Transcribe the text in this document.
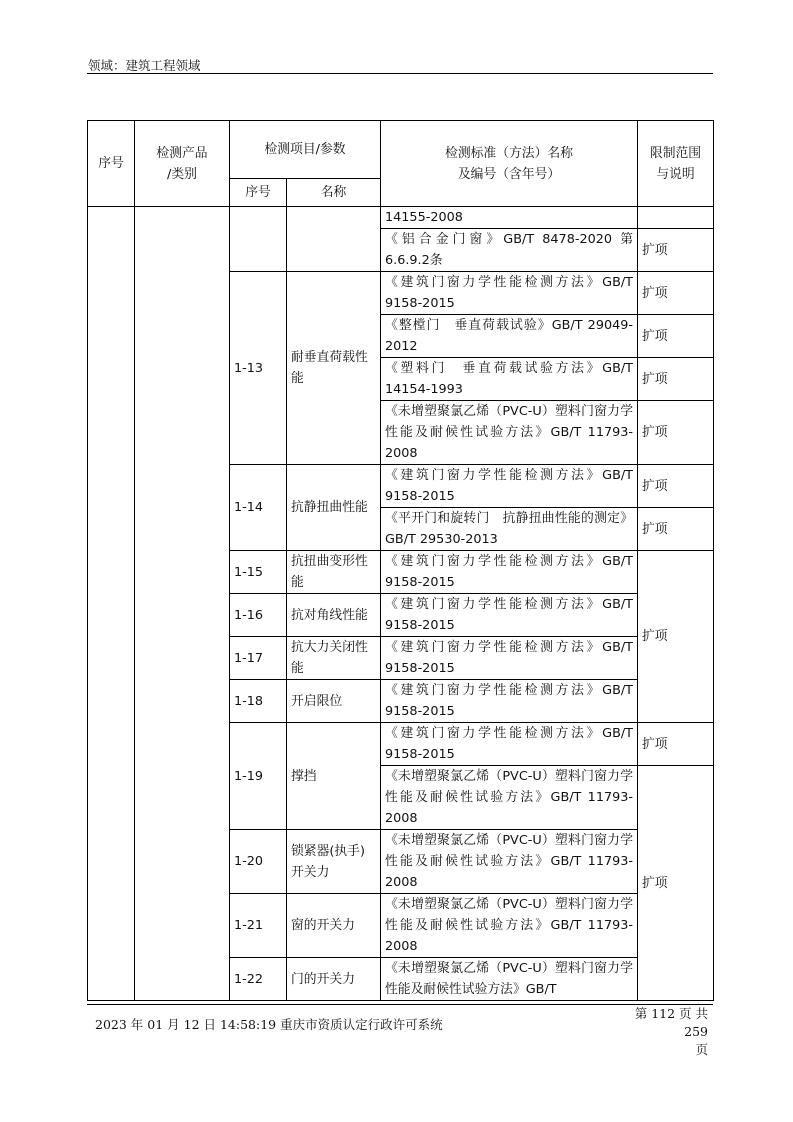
领域：建筑工程领域
序号	检测产品
/类别	检测项目/参数		检测标准（方法）名称
及编号（含年号）	限制范围
与说明
		序号	名称		
				14155-2008	
				《铝合金门窗》GB/T 8478-2020 第6.6.9.2条	扩项
		1-13	耐垂直荷载性能	《建筑门窗力学性能检测方法》GB/T 9158-2015	扩项
				《整樘门　垂直荷载试验》GB/T 29049-2012	扩项
				《塑料门　垂直荷载试验方法》GB/T 14154-1993	扩项
				《未增塑聚氯乙烯（PVC-U）塑料门窗力学性能及耐候性试验方法》GB/T 11793-2008	扩项

		1-14	抗静扭曲性能	《建筑门窗力学性能检测方法》GB/T 9158-2015	扩项
				《平开门和旋转门　抗静扭曲性能的测定》GB/T 29530-2013	扩项
		1-15	抗扭曲变形性能	《建筑门窗力学性能检测方法》GB/T 9158-2015	扩项
		1-16	抗对角线性能	《建筑门窗力学性能检测方法》GB/T 9158-2015	
		1-17	抗大力关闭性能	《建筑门窗力学性能检测方法》GB/T 9158-2015	
		1-18	开启限位	《建筑门窗力学性能检测方法》GB/T 9158-2015	
		1-19	撑挡	《建筑门窗力学性能检测方法》GB/T 9158-2015	扩项
				《未增塑聚氯乙烯（PVC-U）塑料门窗力学性能及耐候性试验方法》GB/T 11793-2008	扩项
		1-20	锁紧器(执手)开关力	《未增塑聚氯乙烯（PVC-U）塑料门窗力学性能及耐候性试验方法》GB/T 11793-2008	
		1-21	窗的开关力	《未增塑聚氯乙烯（PVC-U）塑料门窗力学性能及耐候性试验方法》GB/T 11793-2008	
		1-22	门的开关力	《未增塑聚氯乙烯（PVC-U）塑料门窗力学性能及耐候性试验方法》GB/T	
2023 年 01 月 12 日 14:58:19 重庆市资质认定行政许可系统
第 112 页 共 259
页
